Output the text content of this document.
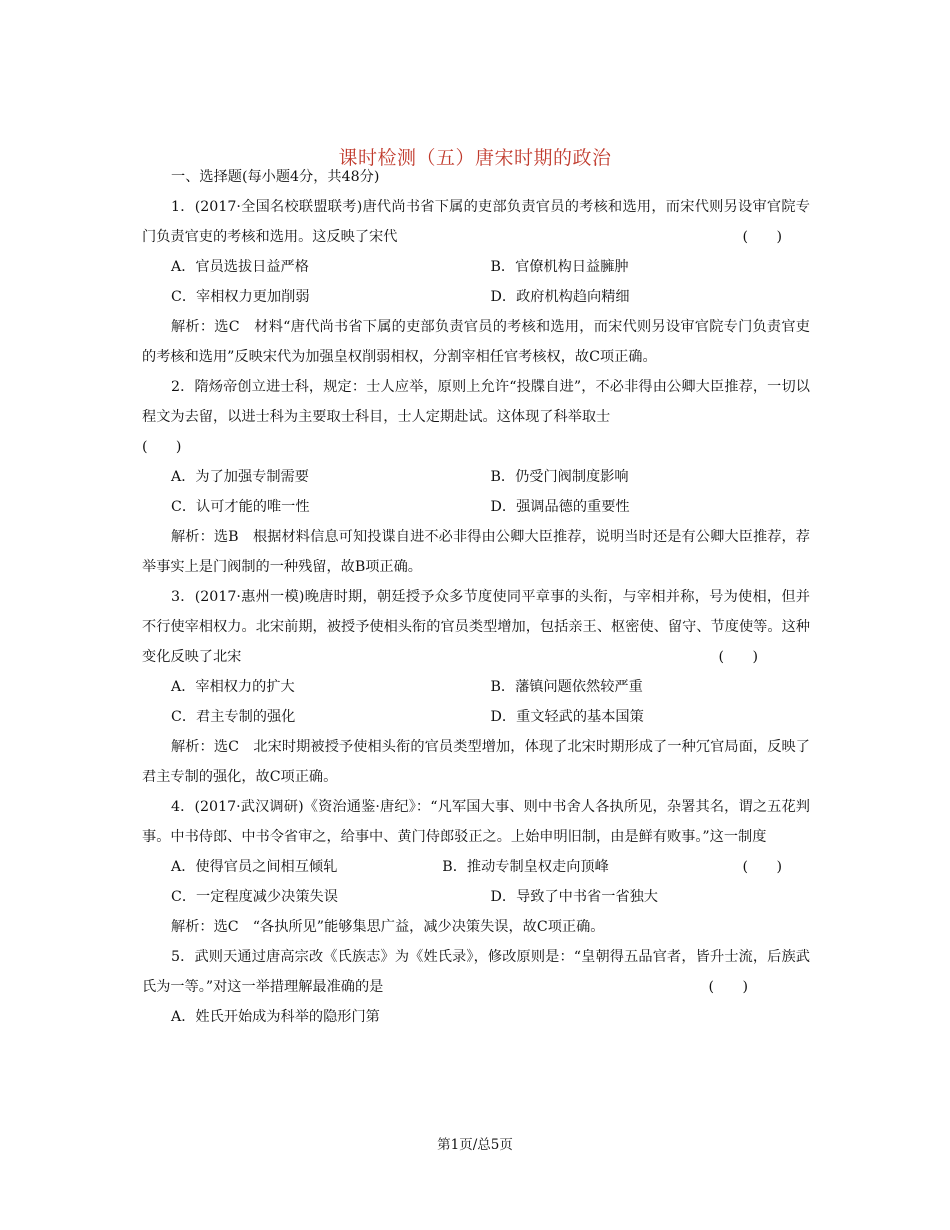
课时检测（五）唐宋时期的政治

一、选择题(每小题4分，共48分)

1．(2017·全国名校联盟联考)唐代尚书省下属的吏部负责官员的考核和选用，而宋代则另设审官院专门负责官吏的考核和选用。这反映了宋代	(　　)

A．官员选拔日益严格	B．官僚机构日益臃肿
C．宰相权力更加削弱	D．政府机构趋向精细

解析：选C　材料“唐代尚书省下属的吏部负责官员的考核和选用，而宋代则另设审官院专门负责官吏的考核和选用”反映宋代为加强皇权削弱相权，分割宰相任官考核权，故C项正确。

2．隋炀帝创立进士科，规定：士人应举，原则上允许“投牒自进”，不必非得由公卿大臣推荐，一切以程文为去留，以进士科为主要取士科目，士人定期赴试。这体现了科举取士

(　　)

A．为了加强专制需要	B．仍受门阀制度影响
C．认可才能的唯一性	D．强调品德的重要性

解析：选B　根据材料信息可知投谍自进不必非得由公卿大臣推荐，说明当时还是有公卿大臣推荐，荐举事实上是门阀制的一种残留，故B项正确。

3．(2017·惠州一模)晚唐时期，朝廷授予众多节度使同平章事的头衔，与宰相并称，号为使相，但并不行使宰相权力。北宋前期，被授予使相头衔的官员类型增加，包括亲王、枢密使、留守、节度使等。这种变化反映了北宋	(　　)

A．宰相权力的扩大	B．藩镇问题依然较严重
C．君主专制的强化	D．重文轻武的基本国策

解析：选C　北宋时期被授予使相头衔的官员类型增加，体现了北宋时期形成了一种冗官局面，反映了君主专制的强化，故C项正确。

4．(2017·武汉调研)《资治通鉴·唐纪》：“凡军国大事、则中书舍人各执所见，杂署其名，谓之五花判事。中书侍郎、中书令省审之，给事中、黄门侍郎驳正之。上始申明旧制，由是鲜有败事。”这一制度
(　　)

A．使得官员之间相互倾轧	B．推动专制皇权走向顶峰
C．一定程度减少决策失误	D．导致了中书省一省独大

解析：选C　“各执所见”能够集思广益，减少决策失误，故C项正确。

5．武则天通过唐高宗改《氏族志》为《姓氏录》，修改原则是：“皇朝得五品官者，皆升士流，后族武氏为一等。”对这一举措理解最准确的是	(　　)

A．姓氏开始成为科举的隐形门第
第1页/总5页
